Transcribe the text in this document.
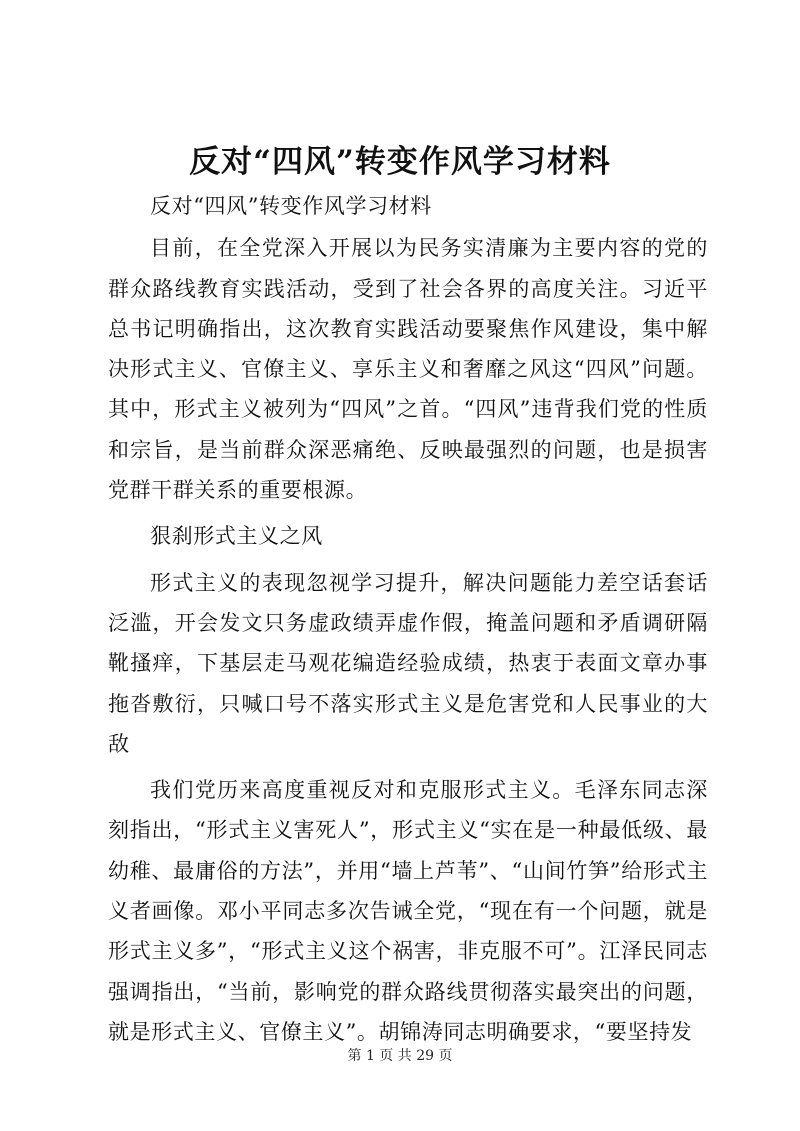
反对“四风”转变作风学习材料

反对“四风”转变作风学习材料

目前，在全党深入开展以为民务实清廉为主要内容的党的群众路线教育实践活动，受到了社会各界的高度关注。习近平总书记明确指出，这次教育实践活动要聚焦作风建设，集中解决形式主义、官僚主义、享乐主义和奢靡之风这“四风”问题。其中，形式主义被列为“四风”之首。“四风”违背我们党的性质和宗旨，是当前群众深恶痛绝、反映最强烈的问题，也是损害党群干群关系的重要根源。

狠刹形式主义之风

形式主义的表现忽视学习提升，解决问题能力差空话套话泛滥，开会发文只务虚政绩弄虚作假，掩盖问题和矛盾调研隔靴搔痒，下基层走马观花编造经验成绩，热衷于表面文章办事拖沓敷衍，只喊口号不落实形式主义是危害党和人民事业的大敌

我们党历来高度重视反对和克服形式主义。毛泽东同志深刻指出，“形式主义害死人”，形式主义“实在是一种最低级、最幼稚、最庸俗的方法”，并用“墙上芦苇”、“山间竹笋”给形式主义者画像。邓小平同志多次告诫全党，“现在有一个问题，就是形式主义多”，“形式主义这个祸害，非克服不可”。江泽民同志强调指出，“当前，影响党的群众路线贯彻落实最突出的问题，就是形式主义、官僚主义”。胡锦涛同志明确要求，“要坚持发

第 1 页 共 29 页
